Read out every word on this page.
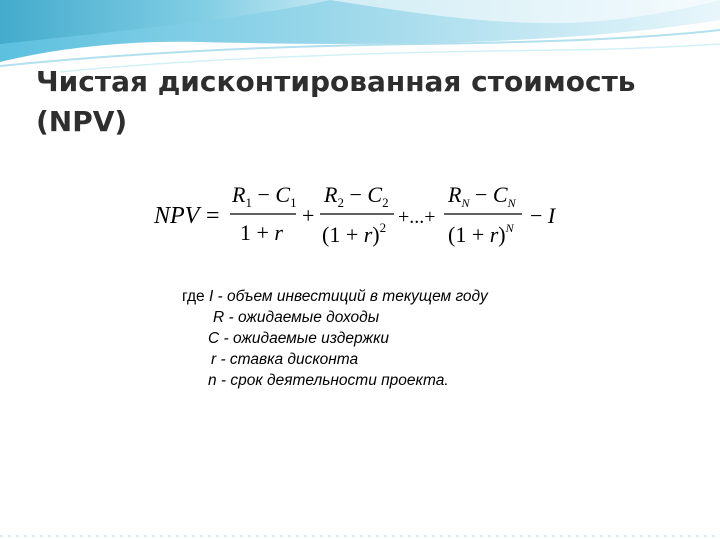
Чистая дисконтированная стоимость
(NPV)
NPV =
$R_1 - C_1$
1 + r
+
$R_2 - C_2$
$(1 + r)^2$ +...+
$R_N - C_N$
$(1 + r)^N - I$
где I - объем инвестиций в текущем году
R - ожидаемые доходы
C - ожидаемые издержки
r - ставка дисконта
n - срок деятельности проекта.
